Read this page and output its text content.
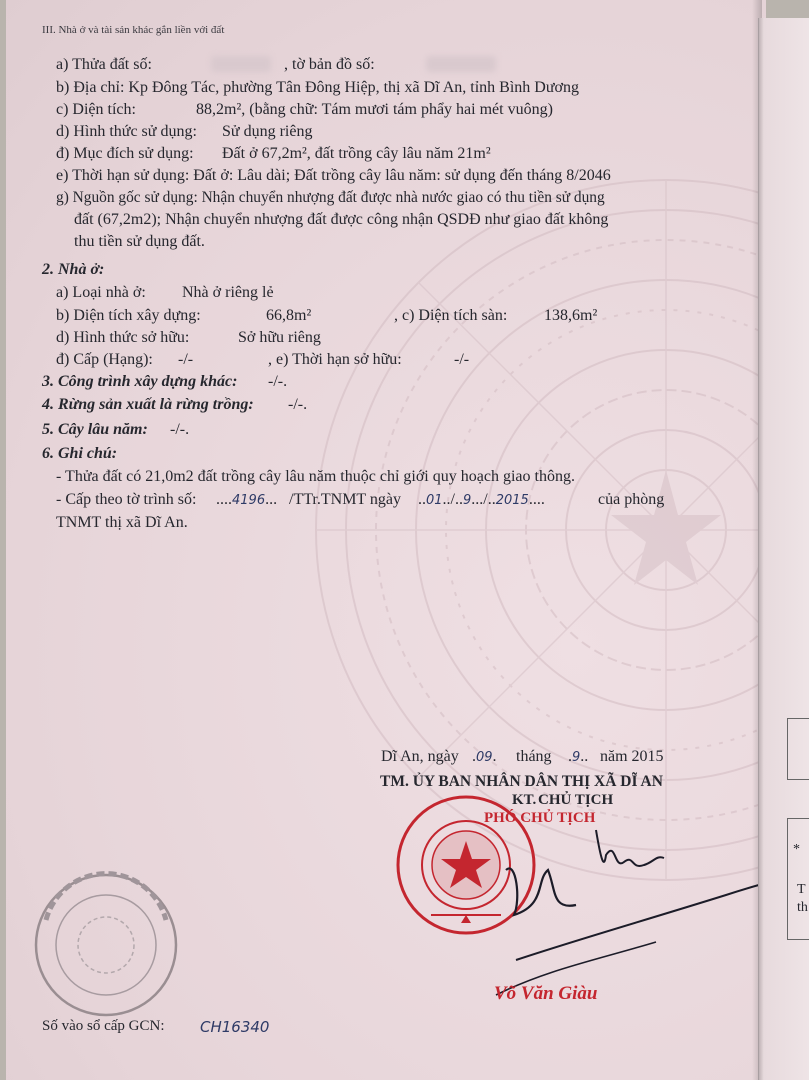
III. Nhà ở và tài sản khác gắn liền với đất
a) Thửa đất số:	, tờ bản đồ số:
b) Địa chỉ: Kp Đông Tác, phường Tân Đông Hiệp, thị xã Dĩ An, tỉnh Bình Dương
c) Diện tích:	88,2m², (bằng chữ: Tám mươi tám phẩy hai mét vuông)
d) Hình thức sử dụng: Sử dụng riêng
đ) Mục đích sử dụng: Đất ở 67,2m², đất trồng cây lâu năm 21m²
e) Thời hạn sử dụng: Đất ở: Lâu dài; Đất trồng cây lâu năm: sử dụng đến tháng 8/2046
g) Nguồn gốc sử dụng: Nhận chuyển nhượng đất được nhà nước giao có thu tiền sử dụng
đất (67,2m2); Nhận chuyển nhượng đất được công nhận QSDĐ như giao đất không
thu tiền sử dụng đất.
2. Nhà ở:
a) Loại nhà ở: Nhà ở riêng lẻ
b) Diện tích xây dựng:	66,8m²	, c) Diện tích sàn: 138,6m²
d) Hình thức sở hữu:	Sở hữu riêng
đ) Cấp (Hạng): -/-	, e) Thời hạn sở hữu:	-/-
3. Công trình xây dựng khác: -/-.
4. Rừng sản xuất là rừng trồng: -/-.
5. Cây lâu năm: -/-.
6. Ghi chú:
- Thửa đất có 21,0m2 đất trồng cây lâu năm thuộc chỉ giới quy hoạch giao thông.
- Cấp theo tờ trình số: ....4196... /TTr.TNMT ngày ..01../..9.../..2015....	của phòng
TNMT thị xã Dĩ An.
Dĩ An, ngày .09. tháng .9.. năm 2015
TM. ỦY BAN NHÂN DÂN THỊ XÃ DĨ AN
KT. CHỦ TỊCH
PHÓ CHỦ TỊCH
Võ Văn Giàu
Số vào sổ cấp GCN: CH16340
*
T
th
